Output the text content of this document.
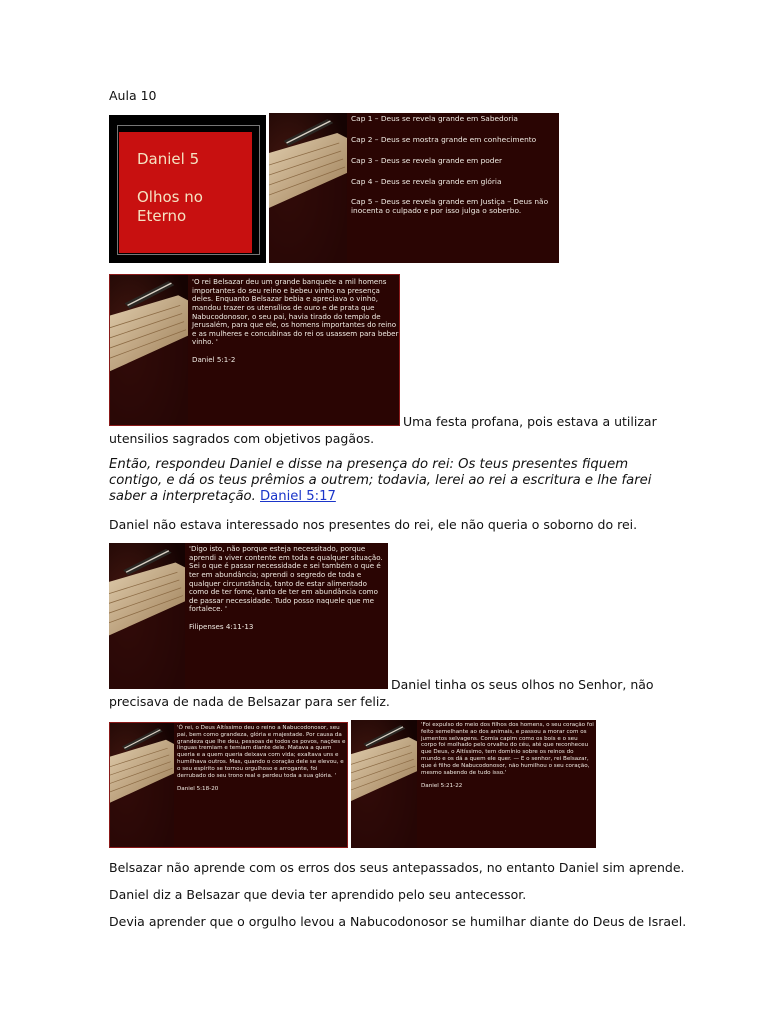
Aula 10
Daniel 5
Olhos no
Eterno
Cap 1 – Deus se revela grande em Sabedoria
Cap 2 – Deus se mostra grande em conhecimento
Cap 3 – Deus se revela grande em poder
Cap 4 – Deus se revela grande em glória
Cap 5 – Deus se revela grande em Justiça – Deus não inocenta o culpado e por isso julga o soberbo.
'O rei Belsazar deu um grande banquete a mil homens importantes do seu reino e bebeu vinho na presença deles. Enquanto Belsazar bebia e apreciava o vinho, mandou trazer os utensílios de ouro e de prata que Nabucodonosor, o seu pai, havia tirado do templo de Jerusalém, para que ele, os homens importantes do reino e as mulheres e concubinas do rei os usassem para beber vinho. '
Daniel 5:1-2
Uma festa profana, pois estava a utilizar
utensilios sagrados com objetivos pagãos.
Então, respondeu Daniel e disse na presença do rei: Os teus presentes fiquem contigo, e dá os teus prêmios a outrem; todavia, lerei ao rei a escritura e lhe farei saber a interpretação. Daniel 5:17
Daniel não estava interessado nos presentes do rei, ele não queria o soborno do rei.
'Digo isto, não porque esteja necessitado, porque aprendi a viver contente em toda e qualquer situação. Sei o que é passar necessidade e sei também o que é ter em abundância; aprendi o segredo de toda e qualquer circunstância, tanto de estar alimentado como de ter fome, tanto de ter em abundância como de passar necessidade. Tudo posso naquele que me fortalece. '
Filipenses 4:11-13
Daniel tinha os seus olhos no Senhor, não
precisava de nada de Belsazar para ser feliz.
'Ó rei, o Deus Altíssimo deu o reino a Nabucodonosor, seu pai, bem como grandeza, glória e majestade. Por causa da grandeza que lhe deu, pessoas de todos os povos, nações e línguas tremiam e temiam diante dele. Matava a quem queria e a quem queria deixava com vida; exaltava uns e humilhava outros. Mas, quando o coração dele se elevou, e o seu espírito se tornou orgulhoso e arrogante, foi derrubado do seu trono real e perdeu toda a sua glória. '
Daniel 5:18-20
'Foi expulso do meio dos filhos dos homens, o seu coração foi feito semelhante ao dos animais, e passou a morar com os jumentos selvagens. Comia capim como os bois e o seu corpo foi molhado pelo orvalho do céu, até que reconheceu que Deus, o Altíssimo, tem domínio sobre os reinos do mundo e os dá a quem ele quer. — E o senhor, rei Belsazar, que é filho de Nabucodonosor, não humilhou o seu coração, mesmo sabendo de tudo isso.'
Daniel 5:21-22
Belsazar não aprende com os erros dos seus antepassados, no entanto Daniel sim aprende.
Daniel diz a Belsazar que devia ter aprendido pelo seu antecessor.
Devia aprender que o orgulho levou a Nabucodonosor se humilhar diante do Deus de Israel.
